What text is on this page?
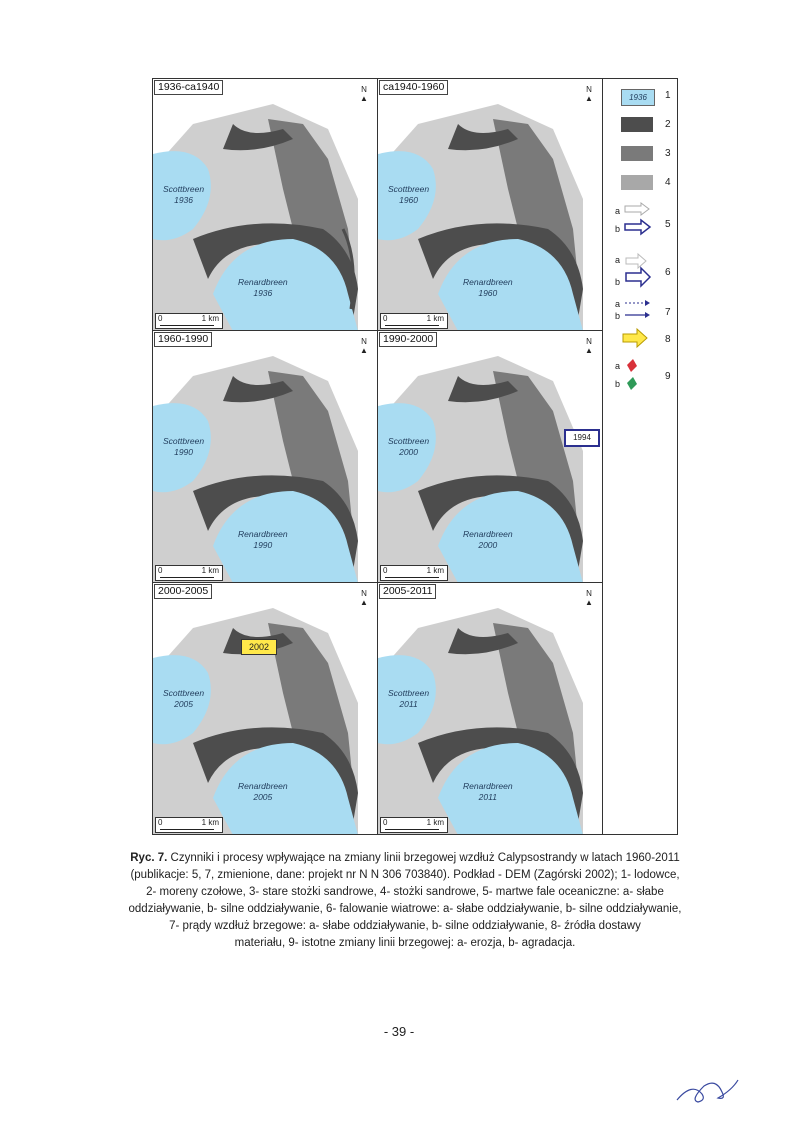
1936-ca1940	N
▲
Scottbreen
1936
Renardbreen
1936
0	1 km
ca1940-1960	N
▲
Scottbreen
1960
Renardbreen
1960
0	1 km
1960-1990	N
▲
Scottbreen
1990
Renardbreen
1990
0	1 km
1990-2000	N
▲
Scottbreen
2000
Renardbreen
2000
0	1 km
1994
2000-2005	N
▲
Scottbreen
2005
Renardbreen
2005
0	1 km
2002
2005-2011	N
▲
Scottbreen
2011
Renardbreen
2011
0	1 km
1936	1
2
3
4
a
b	5
a
b
6
a
b	7
8
a
b
9
Ryc. 7. Czynniki i procesy wpływające na zmiany linii brzegowej wzdłuż Calypsostrandy w latach 1960-2011
(publikacje: 5, 7, zmienione, dane: projekt nr N N 306 703840). Podkład - DEM (Zagórski 2002); 1- lodowce,
2- moreny czołowe, 3- stare stożki sandrowe, 4- stożki sandrowe, 5- martwe fale oceaniczne: a- słabe
oddziaływanie, b- silne oddziaływanie, 6- falowanie wiatrowe: a- słabe oddziaływanie, b- silne oddziaływanie,
7- prądy wzdłuż brzegowe: a- słabe oddziaływanie, b- silne oddziaływanie, 8- źródła dostawy
materiału, 9- istotne zmiany linii brzegowej: a- erozja, b- agradacja.
- 39 -
